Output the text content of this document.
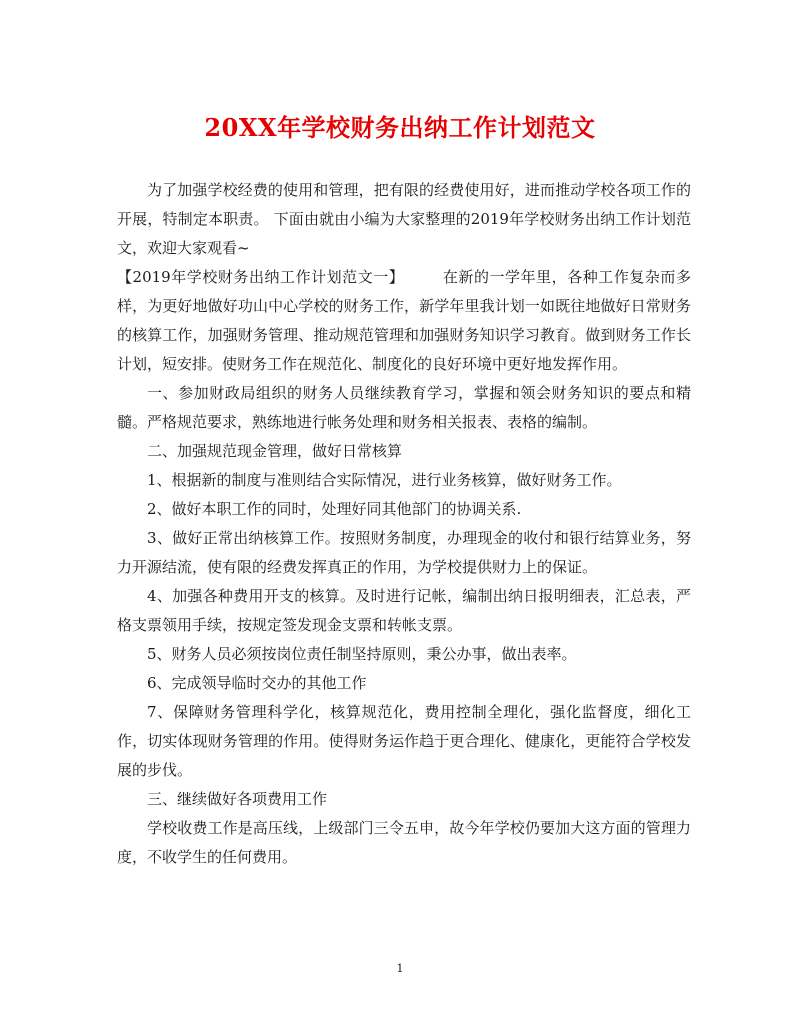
20XX年学校财务出纳工作计划范文

为了加强学校经费的使用和管理，把有限的经费使用好，进而推动学校各项工作的开展，特制定本职责。 下面由就由小编为大家整理的2019年学校财务出纳工作计划范文，欢迎大家观看~

【2019年学校财务出纳工作计划范文一】	在新的一学年里，各种工作复杂而多样，为更好地做好功山中心学校的财务工作，新学年里我计划一如既往地做好日常财务的核算工作，加强财务管理、推动规范管理和加强财务知识学习教育。做到财务工作长计划，短安排。使财务工作在规范化、制度化的良好环境中更好地发挥作用。

一、参加财政局组织的财务人员继续教育学习，掌握和领会财务知识的要点和精髓。严格规范要求，熟练地进行帐务处理和财务相关报表、表格的编制。

二、加强规范现金管理，做好日常核算

1、根据新的制度与准则结合实际情况，进行业务核算，做好财务工作。

2、做好本职工作的同时，处理好同其他部门的协调关系.

3、做好正常出纳核算工作。按照财务制度，办理现金的收付和银行结算业务，努力开源结流，使有限的经费发挥真正的作用，为学校提供财力上的保证。

4、加强各种费用开支的核算。及时进行记帐，编制出纳日报明细表，汇总表，严格支票领用手续，按规定签发现金支票和转帐支票。

5、财务人员必须按岗位责任制坚持原则，秉公办事，做出表率。

6、完成领导临时交办的其他工作

7、保障财务管理科学化，核算规范化，费用控制全理化，强化监督度，细化工作，切实体现财务管理的作用。使得财务运作趋于更合理化、健康化，更能符合学校发展的步伐。

三、继续做好各项费用工作

学校收费工作是高压线，上级部门三令五申，故今年学校仍要加大这方面的管理力度，不收学生的任何费用。

1
